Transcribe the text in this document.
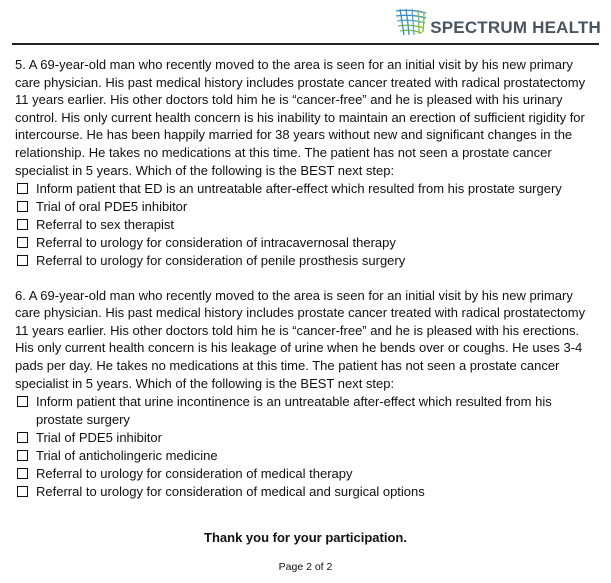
SPECTRUM HEALTH

5. A 69-year-old man who recently moved to the area is seen for an initial visit by his new primary care physician. His past medical history includes prostate cancer treated with radical prostatectomy 11 years earlier. His other doctors told him he is “cancer-free” and he is pleased with his urinary control. His only current health concern is his inability to maintain an erection of sufficient rigidity for intercourse. He has been happily married for 38 years without new and significant changes in the relationship. He takes no medications at this time. The patient has not seen a prostate cancer specialist in 5 years. Which of the following is the BEST next step:

Inform patient that ED is an untreatable after-effect which resulted from his prostate surgery
Trial of oral PDE5 inhibitor
Referral to sex therapist
Referral to urology for consideration of intracavernosal therapy
Referral to urology for consideration of penile prosthesis surgery

6. A 69-year-old man who recently moved to the area is seen for an initial visit by his new primary care physician. His past medical history includes prostate cancer treated with radical prostatectomy 11 years earlier. His other doctors told him he is “cancer-free” and he is pleased with his erections. His only current health concern is his leakage of urine when he bends over or coughs. He uses 3-4 pads per day. He takes no medications at this time. The patient has not seen a prostate cancer specialist in 5 years. Which of the following is the BEST next step:

Inform patient that urine incontinence is an untreatable after-effect which resulted from his prostate surgery
Trial of PDE5 inhibitor
Trial of anticholingeric medicine
Referral to urology for consideration of medical therapy
Referral to urology for consideration of medical and surgical options
Thank you for your participation.
Page 2 of 2
